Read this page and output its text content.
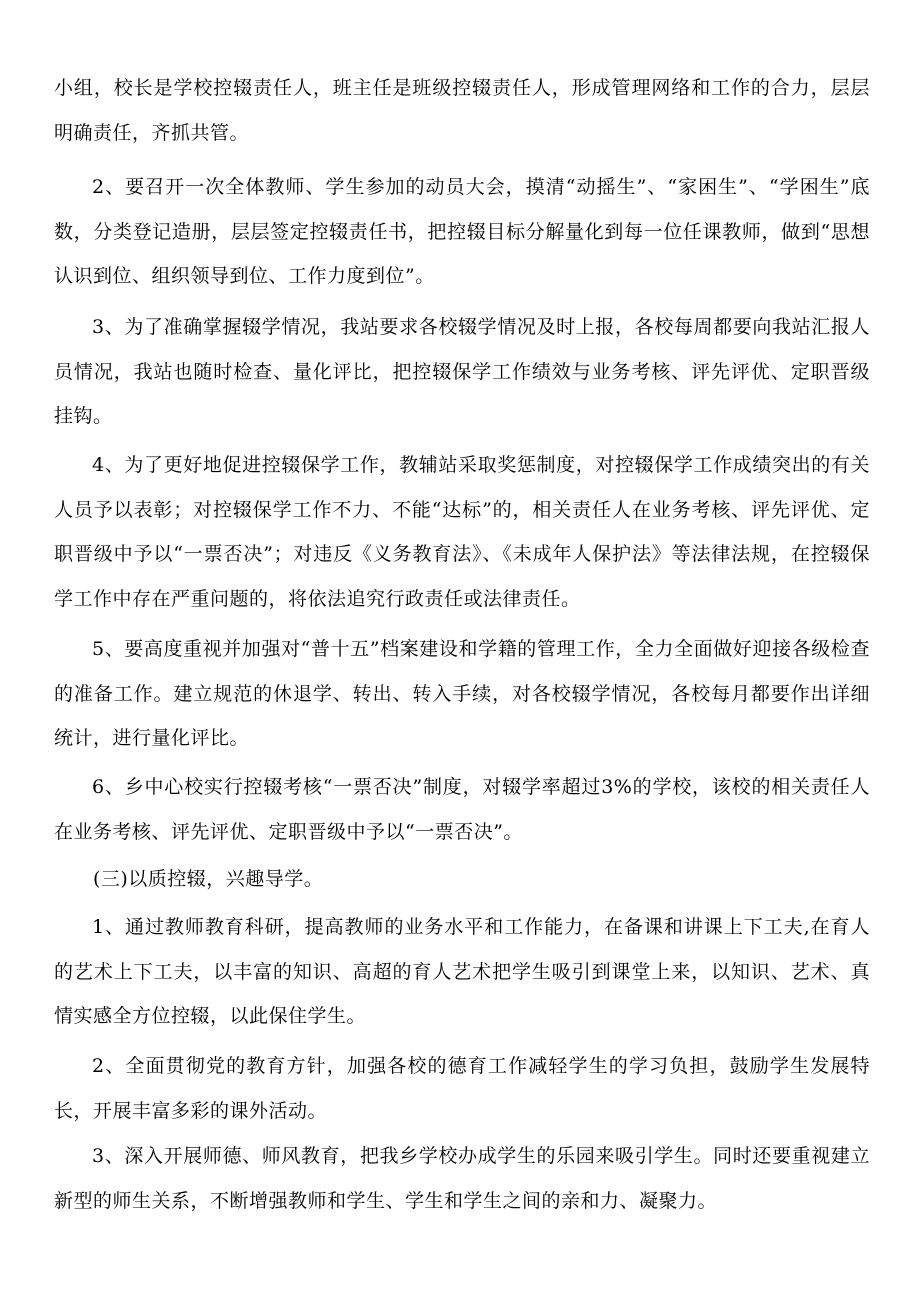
小组，校长是学校控辍责任人，班主任是班级控辍责任人，形成管理网络和工作的合力，层层明确责任，齐抓共管。

2、要召开一次全体教师、学生参加的动员大会，摸清“动摇生”、“家困生”、“学困生”底数，分类登记造册，层层签定控辍责任书，把控辍目标分解量化到每一位任课教师，做到“思想认识到位、组织领导到位、工作力度到位”。

3、为了准确掌握辍学情况，我站要求各校辍学情况及时上报，各校每周都要向我站汇报人员情况，我站也随时检查、量化评比，把控辍保学工作绩效与业务考核、评先评优、定职晋级挂钩。

4、为了更好地促进控辍保学工作，教辅站采取奖惩制度，对控辍保学工作成绩突出的有关人员予以表彰；对控辍保学工作不力、不能“达标”的，相关责任人在业务考核、评先评优、定职晋级中予以“一票否决”；对违反《义务教育法》、《未成年人保护法》等法律法规，在控辍保学工作中存在严重问题的，将依法追究行政责任或法律责任。

5、要高度重视并加强对“普十五”档案建设和学籍的管理工作，全力全面做好迎接各级检查的准备工作。建立规范的休退学、转出、转入手续，对各校辍学情况，各校每月都要作出详细统计，进行量化评比。

6、乡中心校实行控辍考核“一票否决”制度，对辍学率超过3%的学校，该校的相关责任人在业务考核、评先评优、定职晋级中予以“一票否决”。

(三)以质控辍，兴趣导学。

1、通过教师教育科研，提高教师的业务水平和工作能力，在备课和讲课上下工夫,在育人的艺术上下工夫，以丰富的知识、高超的育人艺术把学生吸引到课堂上来，以知识、艺术、真情实感全方位控辍，以此保住学生。

2、全面贯彻党的教育方针，加强各校的德育工作减轻学生的学习负担，鼓励学生发展特长，开展丰富多彩的课外活动。

3、深入开展师德、师风教育，把我乡学校办成学生的乐园来吸引学生。同时还要重视建立新型的师生关系，不断增强教师和学生、学生和学生之间的亲和力、凝聚力。
